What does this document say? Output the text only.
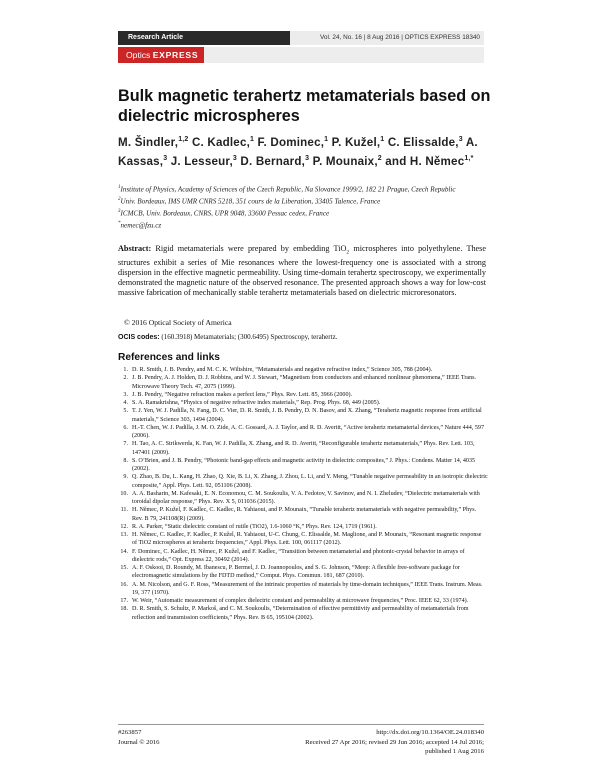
Research Article	Vol. 24, No. 16 | 8 Aug 2016 | OPTICS EXPRESS 18340
Optics EXPRESS
Bulk magnetic terahertz metamaterials based on dielectric microspheres
M. Šindler,$^{1,2}$ C. Kadlec,$^1$ F. Dominec,$^1$ P. Kužel,$^1$ C. Elissalde,$^3$ A. Kassas,$^3$ J. Lesseur,$^3$ D. Bernard,$^3$ P. Mounaix,$^2$ and H. Němec$^{1,*}$
$^1$Institute of Physics, Academy of Sciences of the Czech Republic, Na Slovance 1999/2, 182 21 Prague, Czech Republic
$^2$Univ. Bordeaux, IMS UMR CNRS 5218, 351 cours de la Liberation, 33405 Talence, France
$^3$ICMCB, Univ. Bordeaux, CNRS, UPR 9048, 33600 Pessac cedex, France
*nemec@fzu.cz
Abstract: Rigid metamaterials were prepared by embedding TiO$_2$ microspheres into polyethylene. These structures exhibit a series of Mie resonances where the lowest-frequency one is associated with a strong dispersion in the effective magnetic permeability. Using time-domain terahertz spectroscopy, we experimentally demonstrated the magnetic nature of the observed resonance. The presented approach shows a way for low-cost massive fabrication of mechanically stable terahertz metamaterials based on dielectric microresonators.
© 2016 Optical Society of America
OCIS codes: (160.3918) Metamaterials; (300.6495) Spectroscopy, terahertz.
References and links
1. D. R. Smith, J. B. Pendry, and M. C. K. Wiltshire, “Metamaterials and negative refractive index,” Science 305, 788 (2004).
2. J. B. Pendry, A. J. Holden, D. J. Robbins, and W. J. Stewart, “Magnetism from conductors and enhanced nonlinear phenomena,” IEEE Trans. Microwave Theory Tech. 47, 2075 (1999).
3. J. B. Pendry, “Negative refraction makes a perfect lens,” Phys. Rev. Lett. 85, 3966 (2000).
4. S. A. Ramakrishna, “Physics of negative refractive index materials,” Rep. Prog. Phys. 68, 449 (2005).
5. T. J. Yen, W. J. Padilla, N. Fang, D. C. Vier, D. R. Smith, J. B. Pendry, D. N. Basov, and X. Zhang, “Terahertz magnetic response from artificial materials,” Science 303, 1494 (2004).
6. H.-T. Chen, W. J. Padilla, J. M. O. Zide, A. C. Gossard, A. J. Taylor, and R. D. Averitt, “Active terahertz metamaterial devices,” Nature 444, 597 (2006).
7. H. Tao, A. C. Strikwerda, K. Fan, W. J. Padilla, X. Zhang, and R. D. Averitt, “Reconfigurable terahertz metamaterials,” Phys. Rev. Lett. 103, 147401 (2009).
8. S. O’Brien, and J. B. Pendry, “Photonic band-gap effects and magnetic activity in dielectric composites,” J. Phys.: Condens. Matter 14, 4035 (2002).
9. Q. Zhao, B. Du, L. Kang, H. Zhao, Q. Xie, B. Li, X. Zhang, J. Zhou, L. Li, and Y. Meng, “Tunable negative permeability in an isotropic dielectric composite,” Appl. Phys. Lett. 92, 051106 (2008).
10. A. A. Basharin, M. Kafesaki, E. N. Economou, C. M. Soukoulis, V. A. Fedotov, V. Savinov, and N. I. Zheludev, “Dielectric metamaterials with toroidal dipolar response,” Phys. Rev. X 5, 011036 (2015).
11. H. Němec, P. Kužel, F. Kadlec, C. Kadlec, R. Yahiaoui, and P. Mounaix, “Tunable terahertz metamaterials with negative permeability,” Phys. Rev. B 79, 241108(R) (2009).
12. R. A. Parker, “Static dielectric constant of rutile (TiO2), 1.6-1060 °K,” Phys. Rev. 124, 1719 (1961).
13. H. Němec, C. Kadlec, F. Kadlec, P. Kužel, R. Yahiaoui, U-C. Chung, C. Elissalde, M. Maglione, and P. Mounaix, “Resonant magnetic response of TiO2 microspheres at terahertz frequencies,” Appl. Phys. Lett. 100, 061117 (2012).
14. F. Dominec, C. Kadlec, H. Němec, P. Kužel, and F. Kadlec, “Transition between metamaterial and photonic-crystal behavior in arrays of dielectric rods,” Opt. Express 22, 30492 (2014).
15. A. F. Oskooi, D. Roundy, M. Ibanescu, P. Bermel, J. D. Joannopoulos, and S. G. Johnson, “Meep: A flexible free-software package for electromagnetic simulations by the FDTD method,” Comput. Phys. Commun. 181, 687 (2010).
16. A. M. Nicolson, and G. F. Ross, “Measurement of the intrinsic properties of materials by time-domain techniques,” IEEE Trans. Instrum. Meas. 19, 377 (1970).
17. W. Weir, “Automatic measurement of complex dielectric constant and permeability at microwave frequencies,” Proc. IEEE 62, 33 (1974).
18. D. R. Smith, S. Schultz, P. Markoš, and C. M. Soukoulis, “Determination of effective permittivity and permeability of metamaterials from reflection and transmission coefficients,” Phys. Rev. B 65, 195104 (2002).
#263857
Journal © 2016
http://dx.doi.org/10.1364/OE.24.018340
Received 27 Apr 2016; revised 29 Jun 2016; accepted 14 Jul 2016; published 1 Aug 2016
